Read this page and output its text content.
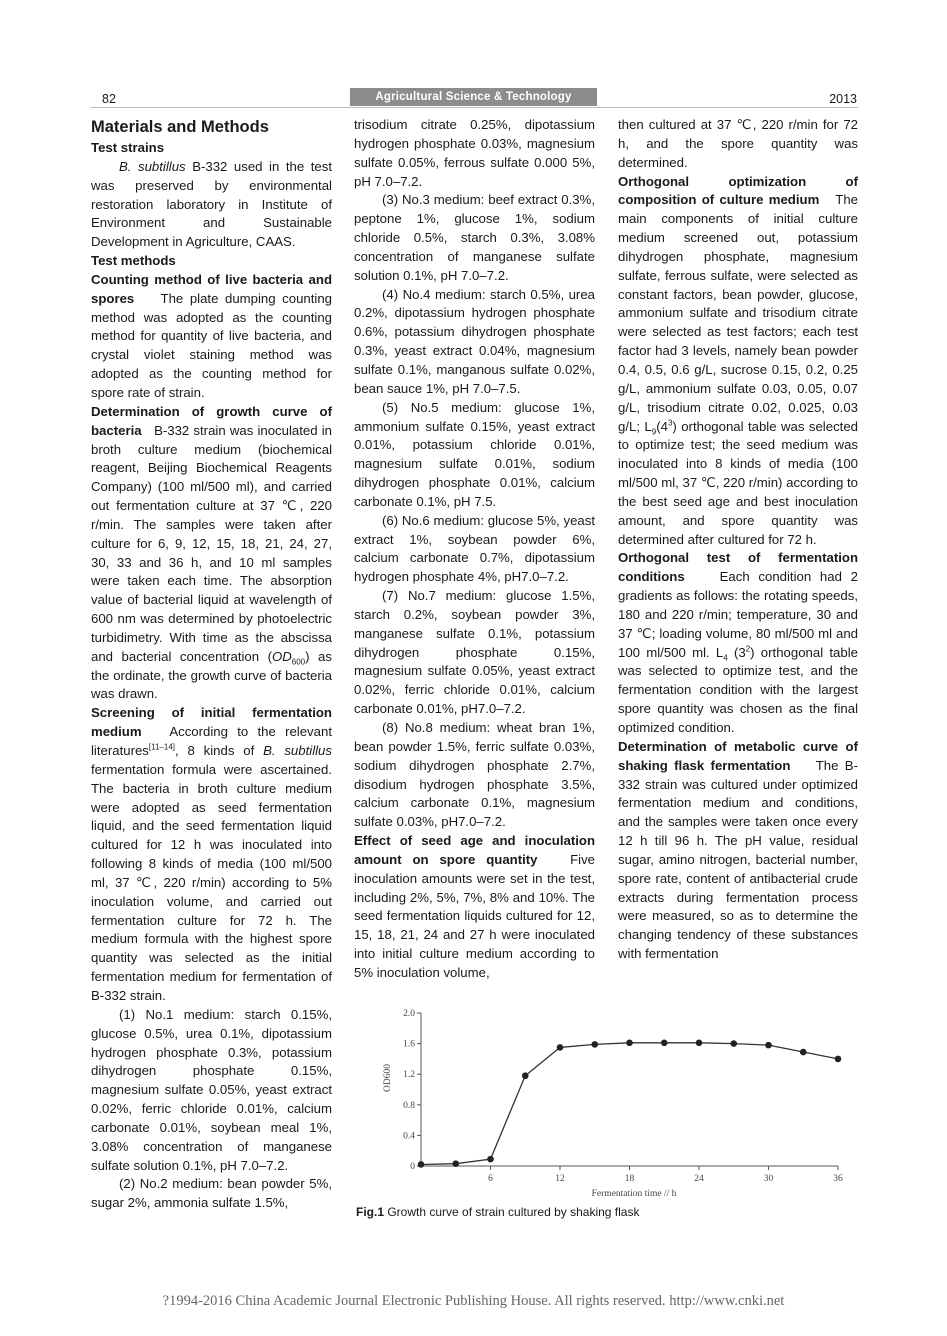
82	Agricultural Science & Technology	2013
Materials and Methods

Test strains

B. subtillus B-332 used in the test was preserved by environmental restoration laboratory in Institute of Environment and Sustainable Development in Agriculture, CAAS.

Test methods

Counting method of live bacteria and spores The plate dumping counting method was adopted as the counting method for quantity of live bacteria, and crystal violet staining method was adopted as the counting method for spore rate of strain.

Determination of growth curve of bacteria B-332 strain was inoculated in broth culture medium (biochemical reagent, Beijing Biochemical Reagents Company) (100 ml/500 ml), and carried out fermentation culture at 37 ℃, 220 r/min. The samples were taken after culture for 6, 9, 12, 15, 18, 21, 24, 27, 30, 33 and 36 h, and 10 ml samples were taken each time. The absorption value of bacterial liquid at wavelength of 600 nm was determined by photoelectric turbidimetry. With time as the abscissa and bacterial concentration $(OD_{600})$ as the ordinate, the growth curve of bacteria was drawn.

Screening of initial fermentation medium According to the relevant literatures[11–14], 8 kinds of B. subtillus fermentation formula were ascertained. The bacteria in broth culture medium were adopted as seed fermentation liquid, and the seed fermentation liquid cultured for 12 h was inoculated into following 8 kinds of media (100 ml/500 ml, 37 ℃, 220 r/min) according to 5% inoculation volume, and carried out fermentation culture for 72 h. The medium formula with the highest spore quantity was selected as the initial fermentation medium for fermentation of B-332 strain.

(1) No.1 medium: starch 0.15%, glucose 0.5%, urea 0.1%, dipotassium hydrogen phosphate 0.3%, potassium dihydrogen phosphate 0.15%, magnesium sulfate 0.05%, yeast extract 0.02%, ferric chloride 0.01%, calcium carbonate 0.01%, soybean meal 1%, 3.08% concentration of manganese sulfate solution 0.1%, pH 7.0–7.2.

(2) No.2 medium: bean powder 5%, sugar 2%, ammonia sulfate 1.5%,

trisodium citrate 0.25%, dipotassium hydrogen phosphate 0.03%, magnesium sulfate 0.05%, ferrous sulfate 0.000 5%, pH 7.0–7.2.

(3) No.3 medium: beef extract 0.3%, peptone 1%, glucose 1%, sodium chloride 0.5%, starch 0.3%, 3.08% concentration of manganese sulfate solution 0.1%, pH 7.0–7.2.

(4) No.4 medium: starch 0.5%, urea 0.2%, dipotassium hydrogen phosphate 0.6%, potassium dihydrogen phosphate 0.3%, yeast extract 0.04%, magnesium sulfate 0.1%, manganous sulfate 0.02%, bean sauce 1%, pH 7.0–7.5.

(5) No.5 medium: glucose 1%, ammonium sulfate 0.15%, yeast extract 0.01%, potassium chloride 0.01%, magnesium sulfate 0.01%, sodium dihydrogen phosphate 0.01%, calcium carbonate 0.1%, pH 7.5.

(6) No.6 medium: glucose 5%, yeast extract 1%, soybean powder 6%, calcium carbonate 0.7%, dipotassium hydrogen phosphate 4%, pH7.0–7.2.

(7) No.7 medium: glucose 1.5%, starch 0.2%, soybean powder 3%, manganese sulfate 0.1%, potassium dihydrogen phosphate 0.15%, magnesium sulfate 0.05%, yeast extract 0.02%, ferric chloride 0.01%, calcium carbonate 0.01%, pH7.0–7.2.

(8) No.8 medium: wheat bran 1%, bean powder 1.5%, ferric sulfate 0.03%, sodium dihydrogen phosphate 2.7%, disodium hydrogen phosphate 3.5%, calcium carbonate 0.1%, magnesium sulfate 0.03%, pH7.0–7.2.

Effect of seed age and inoculation amount on spore quantity Five inoculation amounts were set in the test, including 2%, 5%, 7%, 8% and 10%. The seed fermentation liquids cultured for 12, 15, 18, 21, 24 and 27 h were inoculated into initial culture medium according to 5% inoculation volume,

then cultured at 37 ℃, 220 r/min for 72 h, and the spore quantity was determined.

Orthogonal optimization of composition of culture medium The main components of initial culture medium screened out, potassium dihydrogen phosphate, magnesium sulfate, ferrous sulfate, were selected as constant factors, bean powder, glucose, ammonium sulfate and trisodium citrate were selected as test factors; each test factor had 3 levels, namely bean powder 0.4, 0.5, 0.6 g/L, sucrose 0.15, 0.2, 0.25 g/L, ammonium sulfate 0.03, 0.05, 0.07 g/L, trisodium citrate 0.02, 0.025, 0.03 g/L; $L_9(4^3)$ orthogonal table was selected to optimize test; the seed medium was inoculated into 8 kinds of media (100 ml/500 ml, 37 ℃, 220 r/min) according to the best seed age and best inoculation amount, and spore quantity was determined after cultured for 72 h.

Orthogonal test of fermentation conditions	Each condition had 2 gradients as follows: the rotating speeds, 180 and 220 r/min; temperature, 30 and 37 ℃; loading volume, 80 ml/500 ml and 100 ml/500 ml. $L_4$ $(3^2)$ orthogonal table was selected to optimize test, and the fermentation condition with the largest spore quantity was chosen as the final optimized condition.

Determination of metabolic curve of shaking flask fermentation The B-332 strain was cultured under optimized fermentation medium and conditions, and the samples were taken once every 12 h till 96 h. The pH value, residual sugar, amino nitrogen, bacterial number, spore rate, content of antibacterial crude extracts during fermentation process were measured, so as to determine the changing tendency of these substances with fermentation

6	12	18	24	30	36
0
0.4
0.8
1.2
1.6
2.0
Fermentation time // h
OD600
Fig.1 Growth curve of strain cultured by shaking flask
?1994-2016 China Academic Journal Electronic Publishing House. All rights reserved. http://www.cnki.net
